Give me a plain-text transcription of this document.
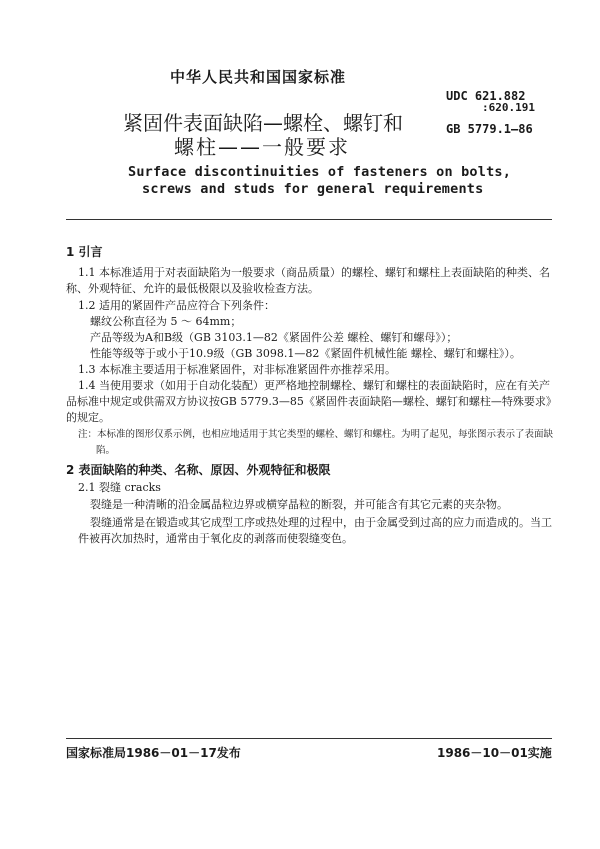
中华人民共和国国家标准
UDC 621.882
:620.191
GB 5779.1—86
紧固件表面缺陷—螺栓、螺钉和
螺柱——一般要求
Surface discontinuities of fasteners on bolts,
screws and studs for general requirements
1 引言
1.1 本标准适用于对表面缺陷为一般要求（商品质量）的螺栓、螺钉和螺柱上表面缺陷的种类、名
称、外观特征、允许的最低极限以及验收检查方法。
1.2 适用的紧固件产品应符合下列条件：
螺纹公称直径为 5 ～ 64mm；
产品等级为A和B级（GB 3103.1—82《紧固件公差 螺栓、螺钉和螺母》）；
性能等级等于或小于10.9级（GB 3098.1—82《紧固件机械性能 螺栓、螺钉和螺柱》）。
1.3 本标准主要适用于标准紧固件，对非标准紧固件亦推荐采用。
1.4 当使用要求（如用于自动化装配）更严格地控制螺栓、螺钉和螺柱的表面缺陷时，应在有关产
品标准中规定或供需双方协议按GB 5779.3—85《紧固件表面缺陷—螺栓、螺钉和螺柱—特殊要求》
的规定。
注：本标准的图形仅系示例，也相应地适用于其它类型的螺栓、螺钉和螺柱。为明了起见，每张图示表示了表面缺
陷。
2 表面缺陷的种类、名称、原因、外观特征和极限
2.1 裂缝 cracks
裂缝是一种清晰的沿金属晶粒边界或横穿晶粒的断裂，并可能含有其它元素的夹杂物。
裂缝通常是在锻造或其它成型工序或热处理的过程中，由于金属受到过高的应力而造成的。当工
件被再次加热时，通常由于氧化皮的剥落而使裂缝变色。
国家标准局1986－01－17发布	1986－10－01实施
